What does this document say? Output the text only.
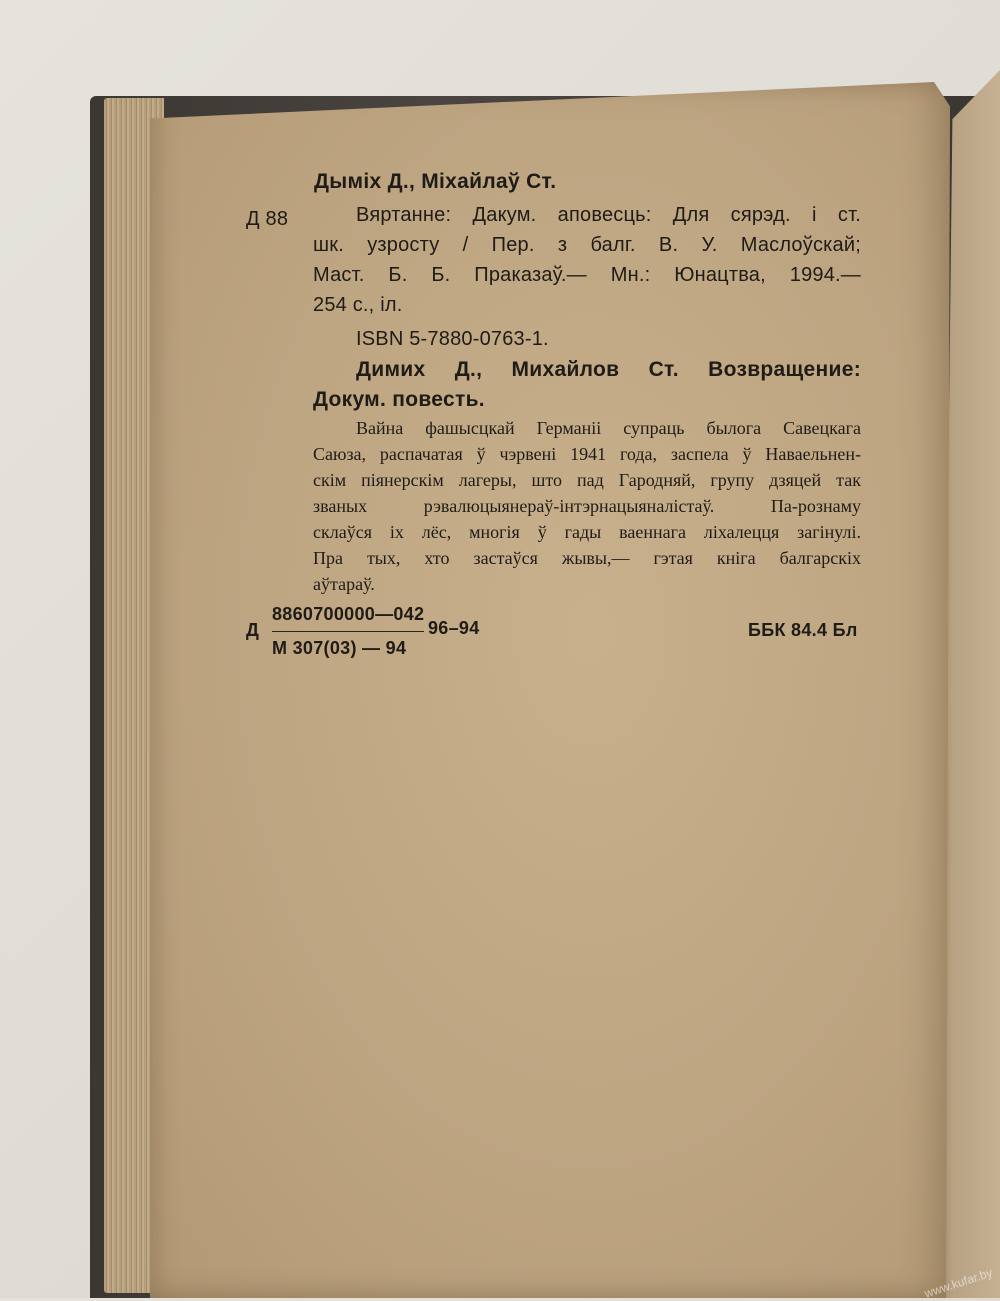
Дыміх Д., Міхайлаў Ст.
Д 88	Вяртанне: Дакум. аповесць: Для сярэд. і ст.
шк. узросту / Пер. з балг. В. У. Маслоўскай;
Маст. Б. Б. Праказаў.— Мн.: Юнацтва, 1994.—
254 с., іл.
ISBN 5-7880-0763-1.
Димих Д., Михайлов Ст. Возвращение:
Докум. повесть.
Вайна фашысцкай Германіі супраць былога Савецкага
Саюза, распачатая ў чэрвені 1941 года, заспела ў Наваельнен-
скім піянерскім лагеры, што пад Гародняй, групу дзяцей так
званых рэвалюцыянераў-інтэрнацыяналістаў. Па-рознаму
склаўся іх лёс, многія ў гады ваеннага ліхалецця загінулі.
Пра тых, хто застаўся жывы,— гэтая кніга балгарскіх
аўтараў.
8860700000—042
Д	96–94
М 307(03) — 94
ББК 84.4 Бл
www.kufar.by
